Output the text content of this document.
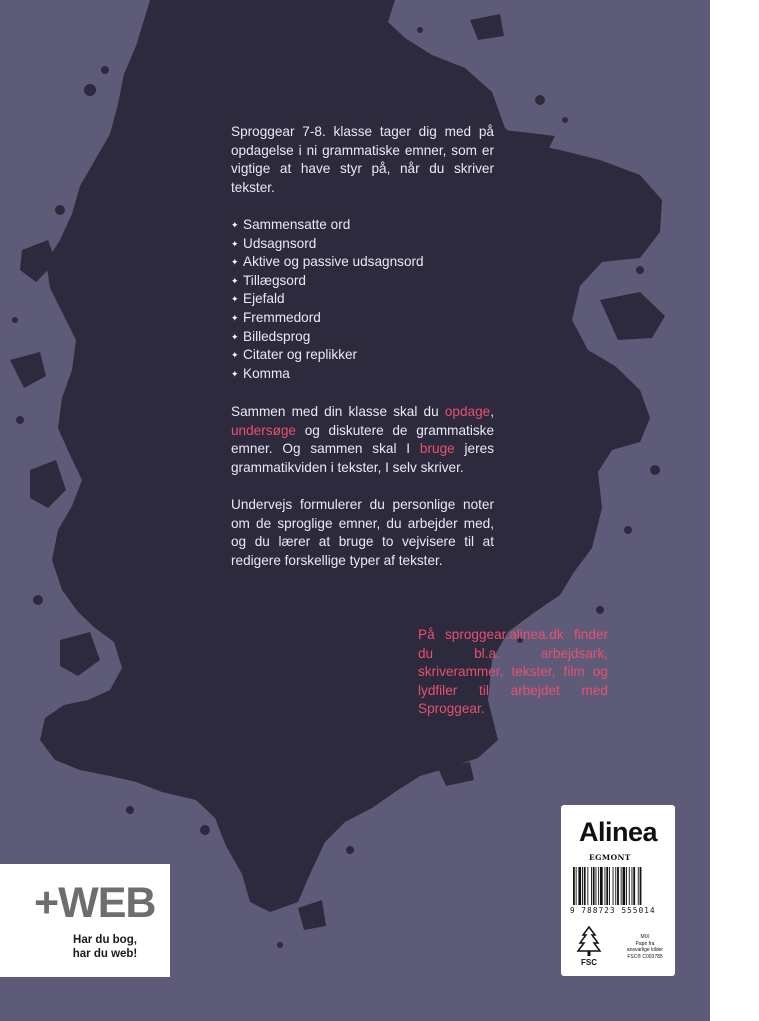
Sproggear 7-8. klasse tager dig med på opdagelse i ni grammatiske emner, som er vigtige at have styr på, når du skriver tekster.

✦ Sammensatte ord
✦ Udsagnsord
✦ Aktive og passive udsagnsord
✦ Tillægsord
✦ Ejefald
✦ Fremmedord
✦ Billedsprog
✦ Citater og replikker
✦ Komma

Sammen med din klasse skal du opdage, undersøge og diskutere de grammatiske emner. Og sammen skal I bruge jeres grammatikviden i tekster, I selv skriver.

Undervejs formulerer du personlige noter om de sproglige emner, du arbejder med, og du lærer at bruge to vejvisere til at redigere forskellige typer af tekster.

På sproggear.alinea.dk finder du bl.a. arbejdsark, skriverammer, tekster, film og lydfiler til arbejdet med Sproggear.
Alinea
EGMONT
9 788723 555014
FSC
MIX
Papir fra
ansvarlige kilder
FSC® C003785
+WEB
Har du bog,
har du web!
